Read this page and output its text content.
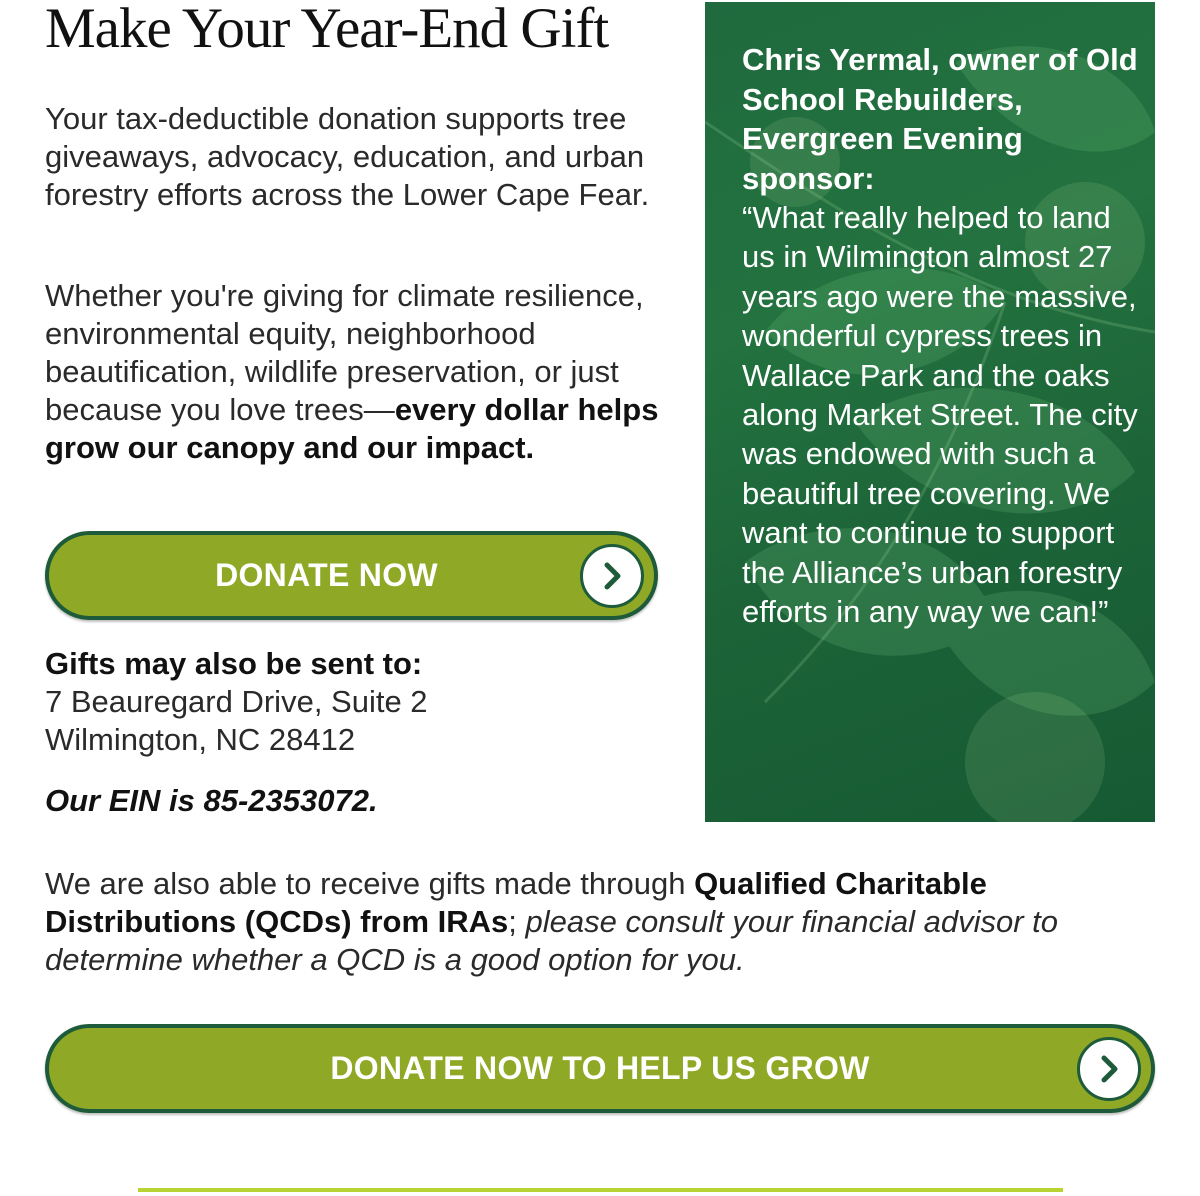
Make Your Year-End Gift

Your tax-deductible donation supports tree giveaways, advocacy, education, and urban forestry efforts across the Lower Cape Fear.

Whether you're giving for climate resilience, environmental equity, neighborhood beautification, wildlife preservation, or just because you love trees—every dollar helps grow our canopy and our impact.

DONATE NOW
Gifts may also be sent to:
7 Beauregard Drive, Suite 2
Wilmington, NC 28412
Our EIN is 85-2353072.

Chris Yermal, owner of Old School Rebuilders, Evergreen Evening sponsor:

“What really helped to land us in Wilmington almost 27 years ago were the massive, wonderful cypress trees in Wallace Park and the oaks along Market Street. The city was endowed with such a beautiful tree covering. We want to continue to support the Alliance’s urban forestry efforts in any way we can!”

We are also able to receive gifts made through Qualified Charitable Distributions (QCDs) from IRAs; please consult your financial advisor to determine whether a QCD is a good option for you.

DONATE NOW TO HELP US GROW
